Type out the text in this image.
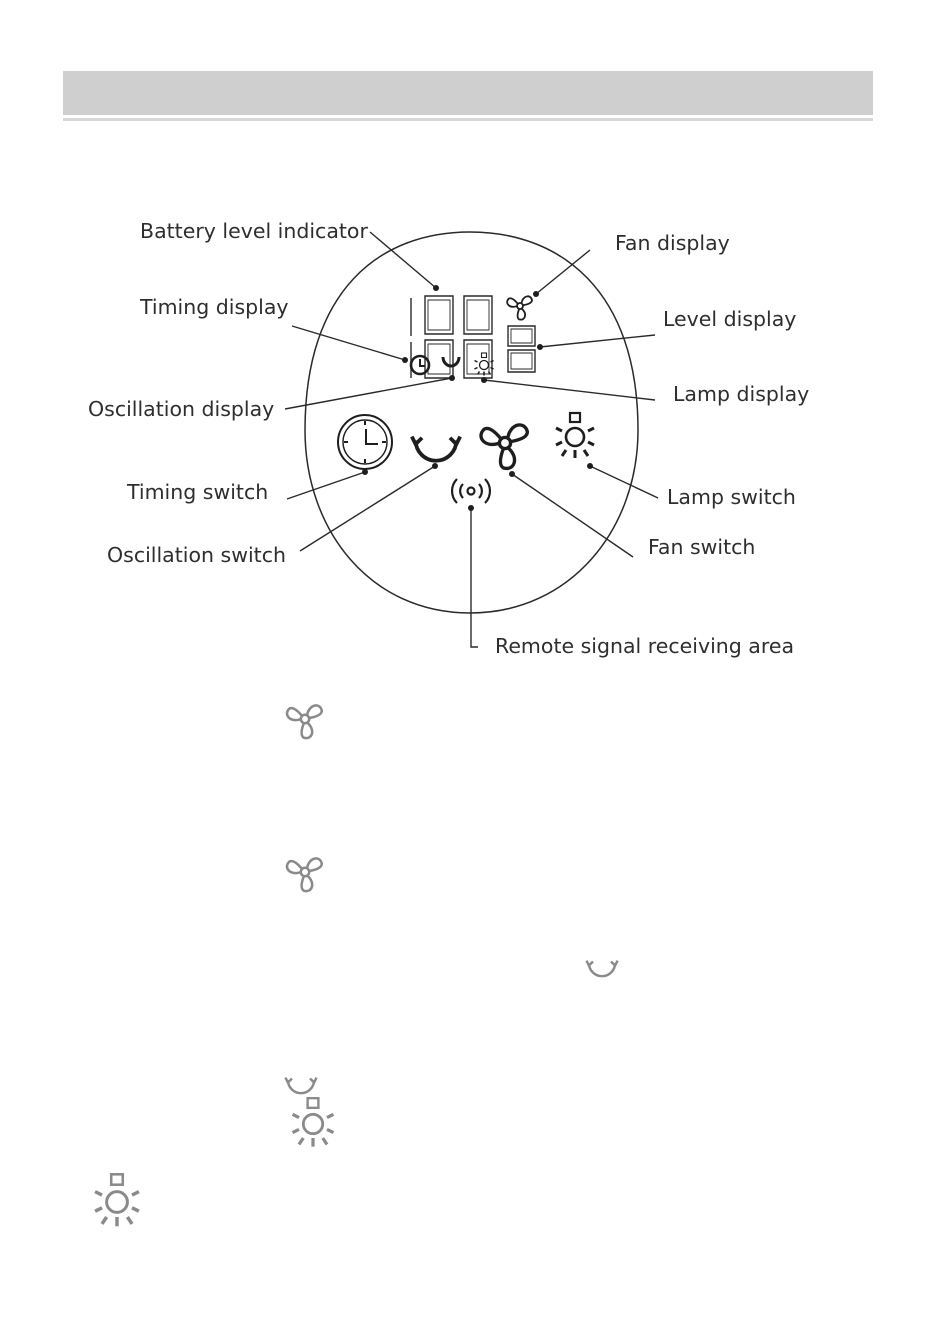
Battery level indicator	Fan display
Timing display	Level display
Oscillation display
Lamp display
Timing switch	Lamp switch
Oscillation switch	Fan switch
Remote signal receiving area
